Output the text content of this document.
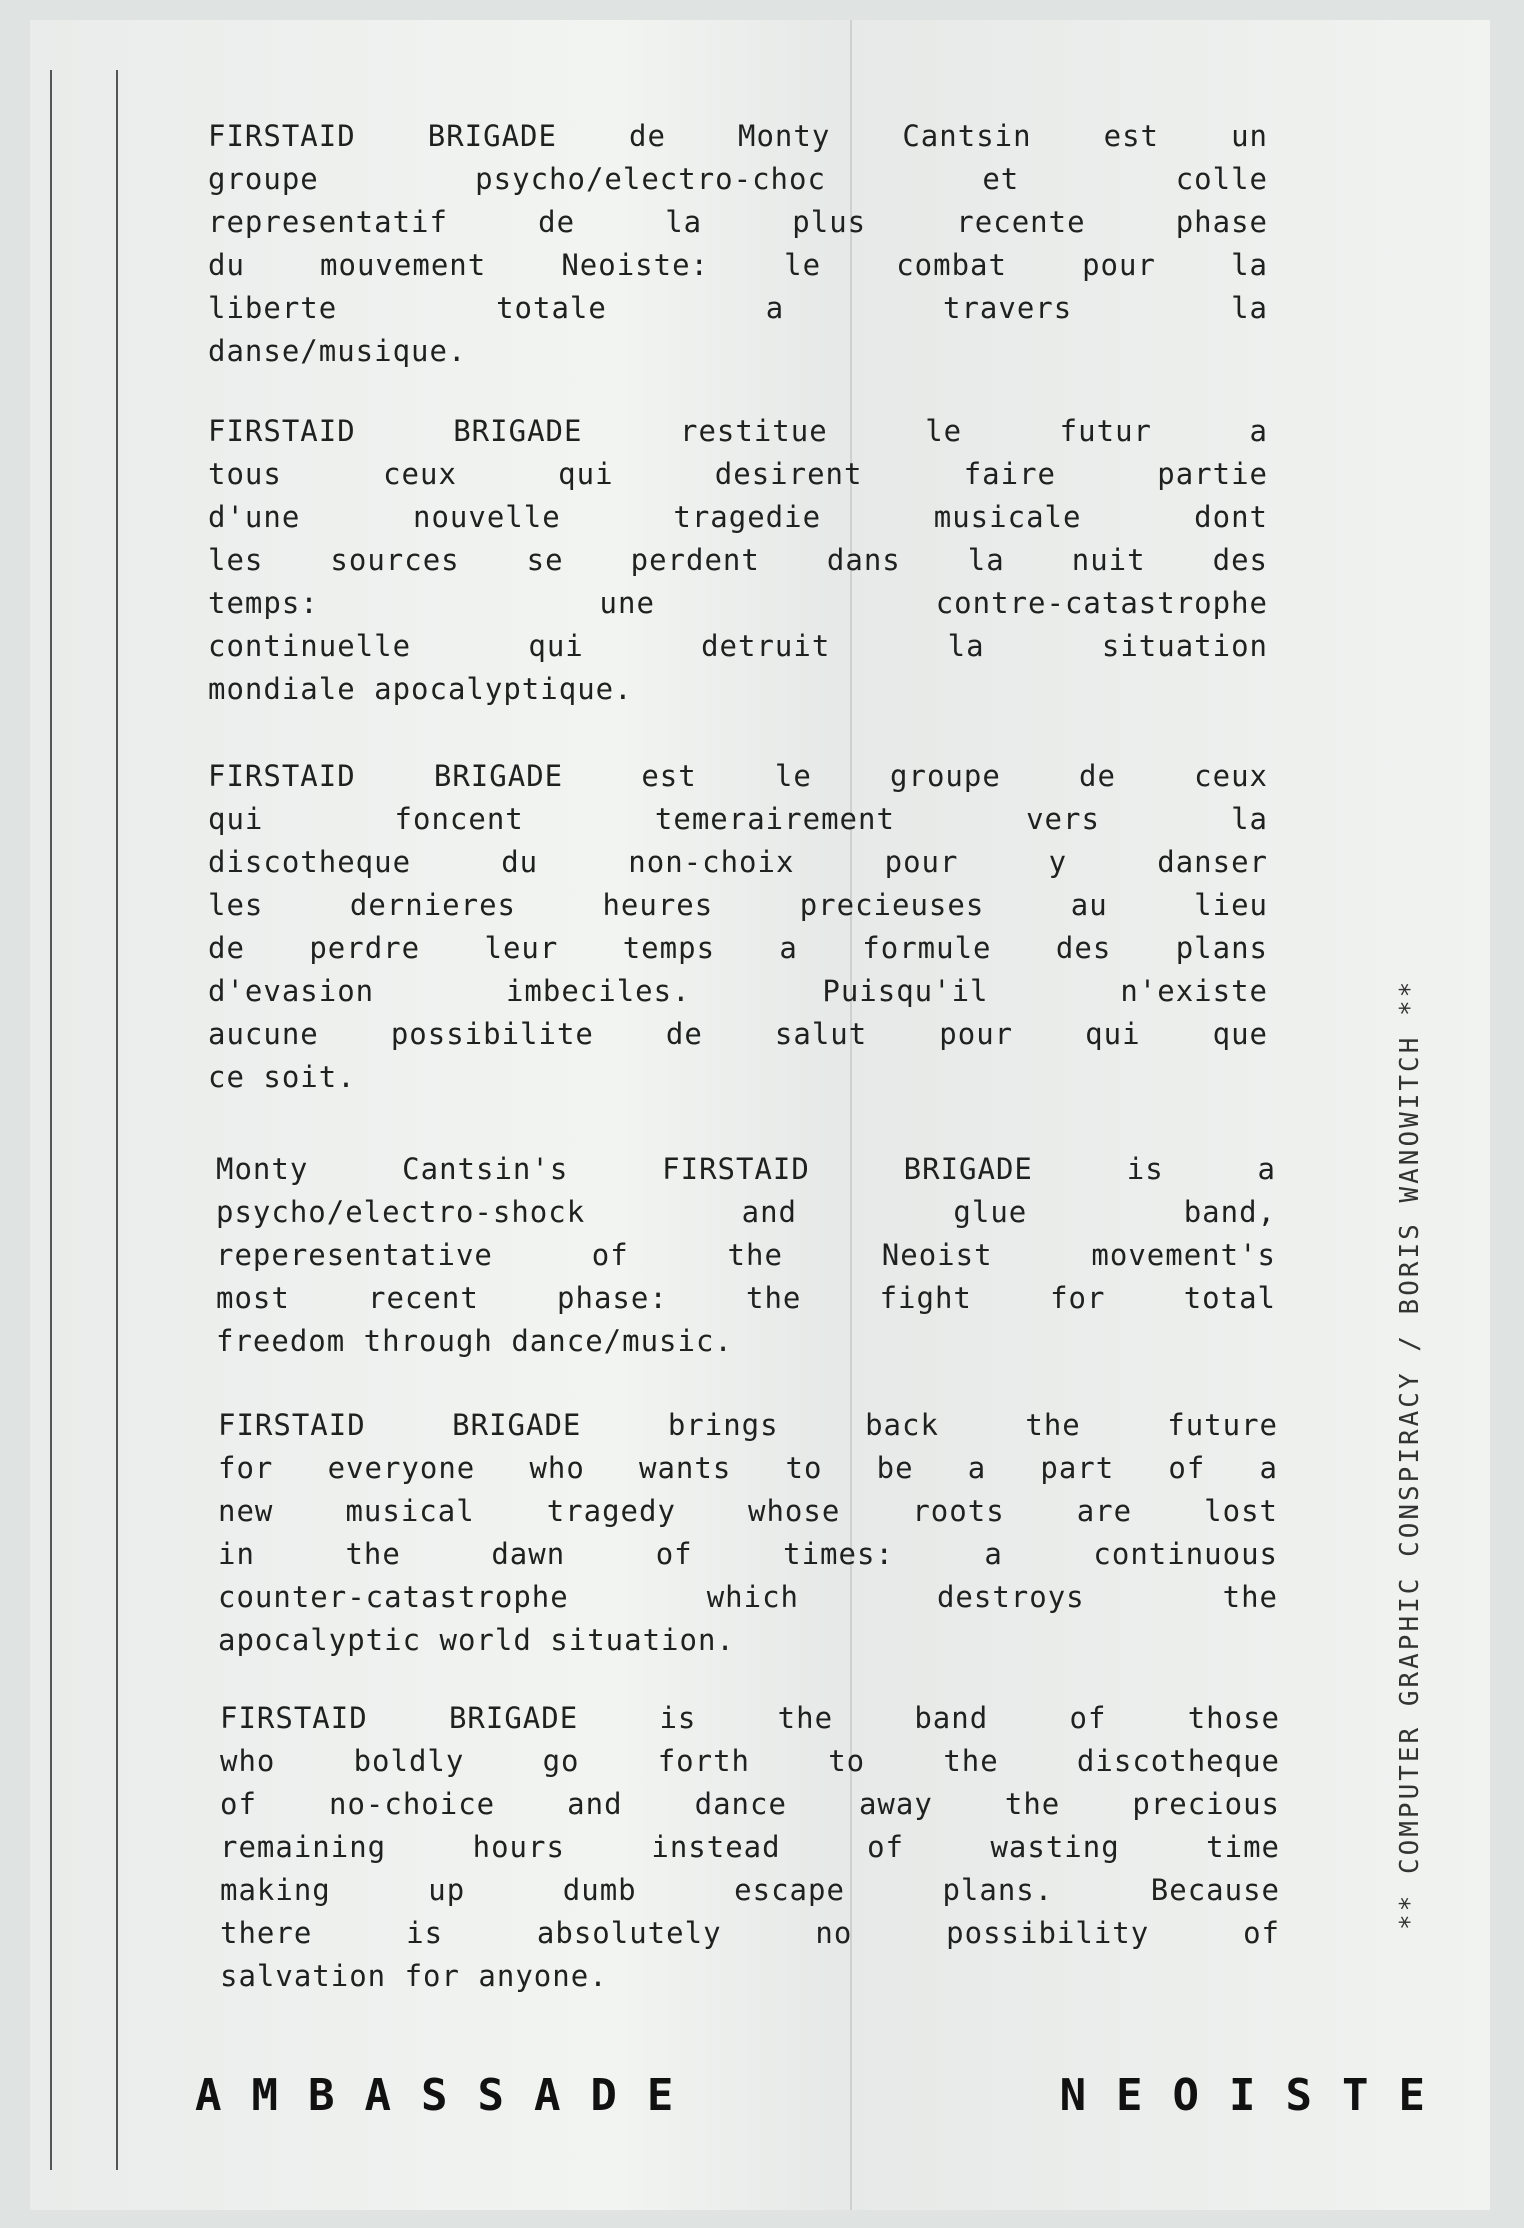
FIRSTAID BRIGADE de Monty Cantsin est un
groupe psycho/electro-choc et colle
representatif de la plus recente phase
du mouvement Neoiste: le combat pour la
liberte totale a travers la
danse/musique.
FIRSTAID BRIGADE restitue le futur a
tous ceux qui desirent faire partie
d'une nouvelle tragedie musicale dont
les sources se perdent dans la nuit des
temps: une contre-catastrophe
continuelle qui detruit la situation
mondiale apocalyptique.
FIRSTAID BRIGADE est le groupe de ceux
qui foncent temerairement vers la
discotheque du non-choix pour y danser
les dernieres heures precieuses au lieu
de perdre leur temps a formule des plans
d'evasion imbeciles. Puisqu'il n'existe
aucune possibilite de salut pour qui que
ce soit.
Monty Cantsin's FIRSTAID BRIGADE is a
psycho/electro-shock and glue band,
reperesentative of the Neoist movement's
most recent phase: the fight for total
freedom through dance/music.
FIRSTAID BRIGADE brings back the future
for everyone who wants to be a part of a
new musical tragedy whose roots are lost
in the dawn of times: a continuous
counter-catastrophe which destroys the
apocalyptic world situation.
FIRSTAID BRIGADE is the band of those
who boldly go forth to the discotheque
of no-choice and dance away the precious
remaining hours instead of wasting time
making up dumb escape plans. Because
there is absolutely no possibility of
salvation for anyone.
** COMPUTER GRAPHIC CONSPIRACY / BORIS WANOWITCH **
AMBASSADE	NEOISTE
